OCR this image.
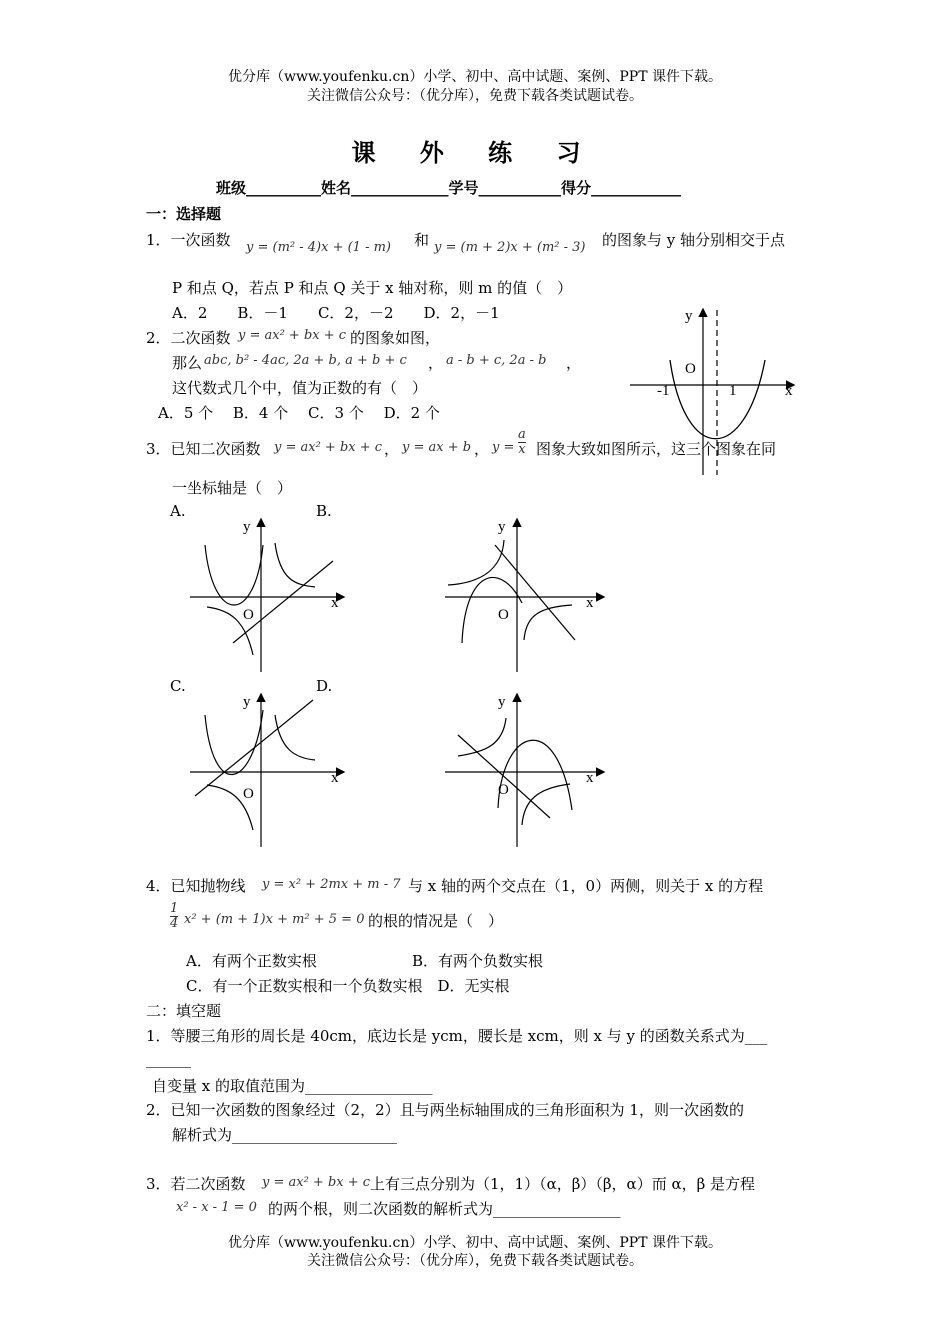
优分库（www.youfenku.cn）小学、初中、高中试题、案例、PPT 课件下载。
关注微信公众号：（优分库），免费下载各类试题试卷。
课 外 练 习
班级__________姓名_____________学号___________得分____________
一：选择题
1．一次函数 y = (m² - 4)x + (1 - m) 和 y = (m + 2)x + (m² - 3) 的图象与 y 轴分别相交于点
P 和点 Q，若点 P 和点 Q 关于 x 轴对称，则 m 的值（　）
A．2　　B．－1　　C．2，－2　　D．2，－1
2．二次函数 y = ax² + bx + c 的图象如图，
那么 abc, b² - 4ac, 2a + b, a + b + c ， a - b + c, 2a - b ，
这代数式几个中，值为正数的有（　）
A．5 个　 B．4 个　 C．3 个　 D．2 个
y
O
x
-1	1
3．已知二次函数 y = ax² + bx + c ， y = ax + b ， $y = \frac{a}{x}$ 图象大致如图所示，这三个图象在同
一坐标轴是（　）
A.	B.
C.	D.
y
O
x
y
O
x
y
O
x
y
O
x
4．已知抛物线 y = x² + 2mx + m - 7 与 x 轴的两个交点在（1，0）两侧，则关于 x 的方程
$\frac{1}{4} x^2 + (m + 1)x + m^2 + 5 = 0$ 的根的情况是（　）
A．有两个正数实根	B．有两个负数实根
C．有一个正数实根和一个负数实根　D．无实根
二：填空题
1．等腰三角形的周长是 40cm，底边长是 ycm，腰长是 xcm，则 x 与 y 的函数关系式为___
______
自变量 x 的取值范围为_________________
2．已知一次函数的图象经过（2，2）且与两坐标轴围成的三角形面积为 1，则一次函数的
解析式为______________________
3．若二次函数 y = ax² + bx + c 上有三点分别为（1，1）（α，β）（β，α）而 α，β 是方程
x² - x - 1 = 0 的两个根，则二次函数的解析式为_________________
优分库（www.youfenku.cn）小学、初中、高中试题、案例、PPT 课件下载。
关注微信公众号：（优分库），免费下载各类试题试卷。
